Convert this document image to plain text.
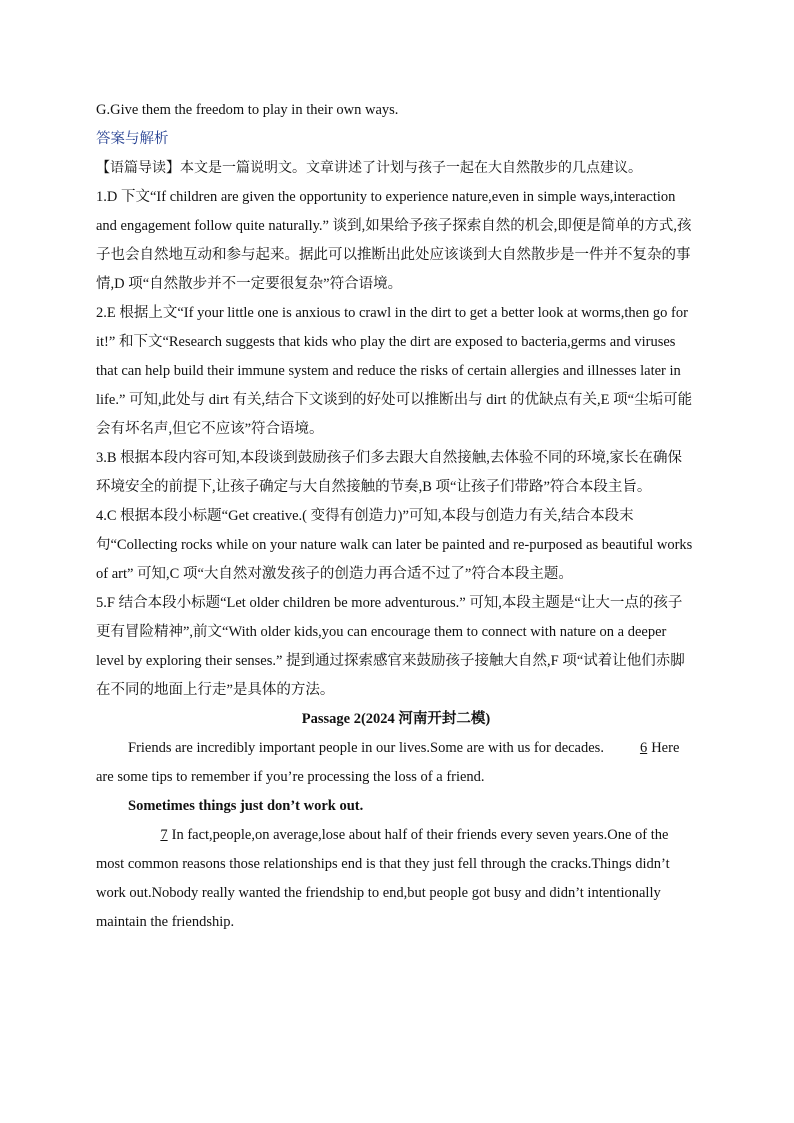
G.Give them the freedom to play in their own ways.
答案与解析
【语篇导读】本文是一篇说明文。文章讲述了计划与孩子一起在大自然散步的几点建议。
1.D 下文“If children are given the opportunity to experience nature,even in simple ways,interaction and engagement follow quite naturally.” 谈到,如果给予孩子探索自然的机会,即便是简单的方式,孩子也会自然地互动和参与起来。据此可以推断出此处应该谈到大自然散步是一件并不复杂的事情,D 项“自然散步并不一定要很复杂”符合语境。
2.E 根据上文“If your little one is anxious to crawl in the dirt to get a better look at worms,then go for it!” 和下文“Research suggests that kids who play the dirt are exposed to bacteria,germs and viruses that can help build their immune system and reduce the risks of certain allergies and illnesses later in life.” 可知,此处与 dirt 有关,结合下文谈到的好处可以推断出与 dirt 的优缺点有关,E 项“尘垢可能会有坏名声,但它不应该”符合语境。
3.B 根据本段内容可知,本段谈到鼓励孩子们多去跟大自然接触,去体验不同的环境,家长在确保环境安全的前提下,让孩子确定与大自然接触的节奏,B 项“让孩子们带路”符合本段主旨。
4.C 根据本段小标题“Get creative.( 变得有创造力)”可知,本段与创造力有关,结合本段末句“Collecting rocks while on your nature walk can later be painted and re-purposed as beautiful works of art” 可知,C 项“大自然对激发孩子的创造力再合适不过了”符合本段主题。
5.F 结合本段小标题“Let older children be more adventurous.” 可知,本段主题是“让大一点的孩子更有冒险精神”,前文“With older kids,you can encourage them to connect with nature on a deeper level by exploring their senses.” 提到通过探索感官来鼓励孩子接触大自然,F 项“试着让他们赤脚在不同的地面上行走”是具体的方法。
Passage 2(2024 河南开封二模)
Friends are incredibly important people in our lives.Some are with us for decades. 6 Here are some tips to remember if you’re processing the loss of a friend.
Sometimes things just don’t work out.
7 In fact,people,on average,lose about half of their friends every seven years.One of the most common reasons those relationships end is that they just fell through the cracks.Things didn’t work out.Nobody really wanted the friendship to end,but people got busy and didn’t intentionally maintain the friendship.
